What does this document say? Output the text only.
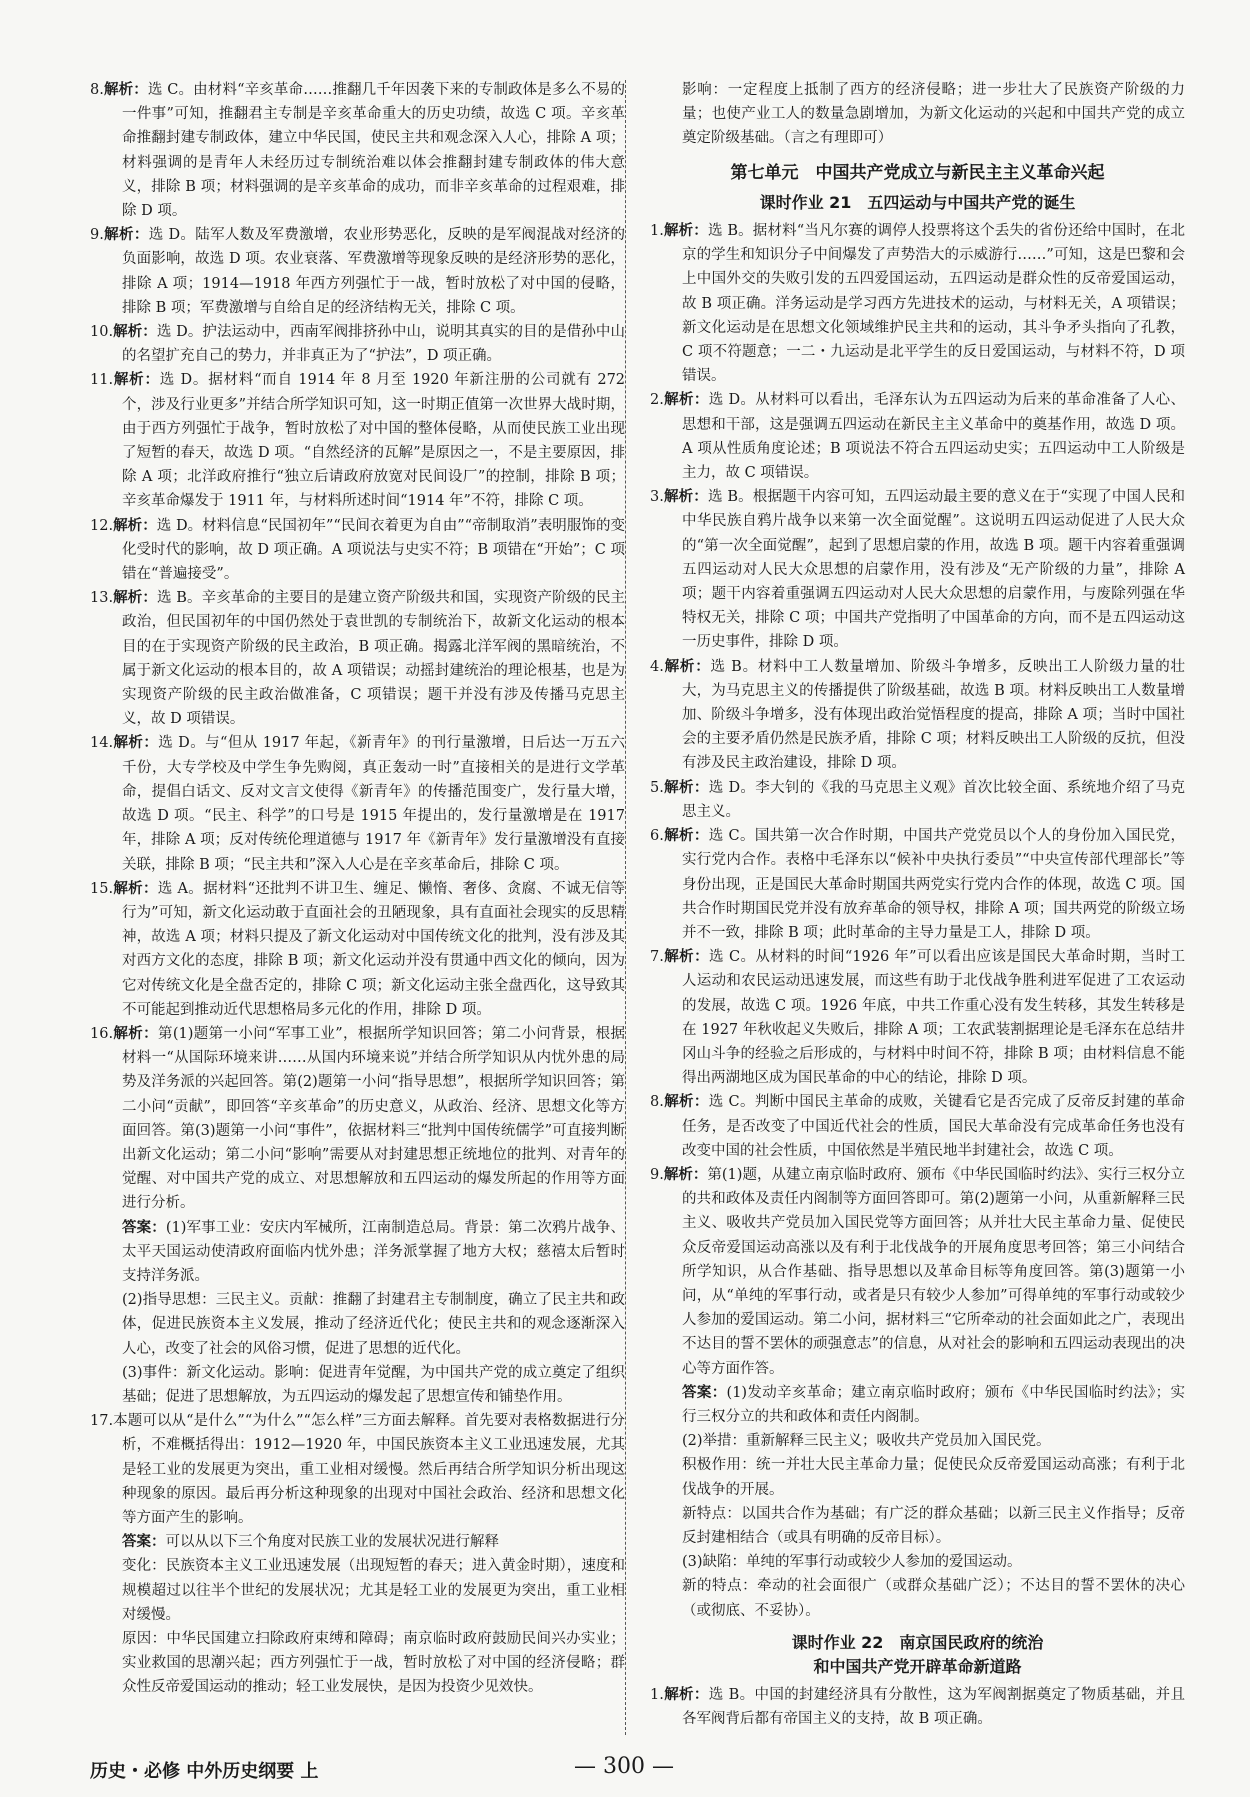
8.解析：选 C。由材料“辛亥革命……推翻几千年因袭下来的专制政体是多么不易的一件事”可知，推翻君主专制是辛亥革命重大的历史功绩，故选 C 项。辛亥革命推翻封建专制政体，建立中华民国，使民主共和观念深入人心，排除 A 项；材料强调的是青年人未经历过专制统治难以体会推翻封建专制政体的伟大意义，排除 B 项；材料强调的是辛亥革命的成功，而非辛亥革命的过程艰难，排除 D 项。

9.解析：选 D。陆军人数及军费激增，农业形势恶化，反映的是军阀混战对经济的负面影响，故选 D 项。农业衰落、军费激增等现象反映的是经济形势的恶化，排除 A 项；1914—1918 年西方列强忙于一战，暂时放松了对中国的侵略，排除 B 项；军费激增与自给自足的经济结构无关，排除 C 项。

10.解析：选 D。护法运动中，西南军阀排挤孙中山，说明其真实的目的是借孙中山的名望扩充自己的势力，并非真正为了“护法”，D 项正确。

11.解析：选 D。据材料“而自 1914 年 8 月至 1920 年新注册的公司就有 272 个，涉及行业更多”并结合所学知识可知，这一时期正值第一次世界大战时期，由于西方列强忙于战争，暂时放松了对中国的整体侵略，从而使民族工业出现了短暂的春天，故选 D 项。“自然经济的瓦解”是原因之一，不是主要原因，排除 A 项；北洋政府推行“独立后请政府放宽对民间设厂”的控制，排除 B 项；辛亥革命爆发于 1911 年，与材料所述时间“1914 年”不符，排除 C 项。

12.解析：选 D。材料信息“民国初年”“民间衣着更为自由”“帝制取消”表明服饰的变化受时代的影响，故 D 项正确。A 项说法与史实不符；B 项错在“开始”；C 项错在“普遍接受”。

13.解析：选 B。辛亥革命的主要目的是建立资产阶级共和国，实现资产阶级的民主政治，但民国初年的中国仍然处于袁世凯的专制统治下，故新文化运动的根本目的在于实现资产阶级的民主政治，B 项正确。揭露北洋军阀的黑暗统治，不属于新文化运动的根本目的，故 A 项错误；动摇封建统治的理论根基，也是为实现资产阶级的民主政治做准备，C 项错误；题干并没有涉及传播马克思主义，故 D 项错误。

14.解析：选 D。与“但从 1917 年起，《新青年》的刊行量激增，日后达一万五六千份，大专学校及中学生争先购阅，真正轰动一时”直接相关的是进行文学革命，提倡白话文、反对文言文使得《新青年》的传播范围变广，发行量大增，故选 D 项。“民主、科学”的口号是 1915 年提出的，发行量激增是在 1917 年，排除 A 项；反对传统伦理道德与 1917 年《新青年》发行量激增没有直接关联，排除 B 项；“民主共和”深入人心是在辛亥革命后，排除 C 项。

15.解析：选 A。据材料“还批判不讲卫生、缠足、懒惰、奢侈、贪腐、不诚无信等行为”可知，新文化运动敢于直面社会的丑陋现象，具有直面社会现实的反思精神，故选 A 项；材料只提及了新文化运动对中国传统文化的批判，没有涉及其对西方文化的态度，排除 B 项；新文化运动并没有贯通中西文化的倾向，因为它对传统文化是全盘否定的，排除 C 项；新文化运动主张全盘西化，这导致其不可能起到推动近代思想格局多元化的作用，排除 D 项。

16.解析：第(1)题第一小问“军事工业”，根据所学知识回答；第二小问背景，根据材料一“从国际环境来讲……从国内环境来说”并结合所学知识从内忧外患的局势及洋务派的兴起回答。第(2)题第一小问“指导思想”，根据所学知识回答；第二小问“贡献”，即回答“辛亥革命”的历史意义，从政治、经济、思想文化等方面回答。第(3)题第一小问“事件”，依据材料三“批判中国传统儒学”可直接判断出新文化运动；第二小问“影响”需要从对封建思想正统地位的批判、对青年的觉醒、对中国共产党的成立、对思想解放和五四运动的爆发所起的作用等方面进行分析。

答案：(1)军事工业：安庆内军械所，江南制造总局。背景：第二次鸦片战争、太平天国运动使清政府面临内忧外患；洋务派掌握了地方大权；慈禧太后暂时支持洋务派。

(2)指导思想：三民主义。贡献：推翻了封建君主专制制度，确立了民主共和政体，促进民族资本主义发展，推动了经济近代化；使民主共和的观念逐渐深入人心，改变了社会的风俗习惯，促进了思想的近代化。

(3)事件：新文化运动。影响：促进青年觉醒，为中国共产党的成立奠定了组织基础；促进了思想解放，为五四运动的爆发起了思想宣传和铺垫作用。

17.本题可以从“是什么”“为什么”“怎么样”三方面去解释。首先要对表格数据进行分析，不难概括得出：1912—1920 年，中国民族资本主义工业迅速发展，尤其是轻工业的发展更为突出，重工业相对缓慢。然后再结合所学知识分析出现这种现象的原因。最后再分析这种现象的出现对中国社会政治、经济和思想文化等方面产生的影响。

答案：可以从以下三个角度对民族工业的发展状况进行解释

变化：民族资本主义工业迅速发展（出现短暂的春天；进入黄金时期），速度和规模超过以往半个世纪的发展状况；尤其是轻工业的发展更为突出，重工业相对缓慢。

原因：中华民国建立扫除政府束缚和障碍；南京临时政府鼓励民间兴办实业；实业救国的思潮兴起；西方列强忙于一战，暂时放松了对中国的经济侵略；群众性反帝爱国运动的推动；轻工业发展快，是因为投资少见效快。

影响：一定程度上抵制了西方的经济侵略；进一步壮大了民族资产阶级的力量；也使产业工人的数量急剧增加，为新文化运动的兴起和中国共产党的成立奠定阶级基础。（言之有理即可）

第七单元　中国共产党成立与新民主主义革命兴起
课时作业 21　五四运动与中国共产党的诞生

1.解析：选 B。据材料“当凡尔赛的调停人投票将这个丢失的省份还给中国时，在北京的学生和知识分子中间爆发了声势浩大的示威游行……”可知，这是巴黎和会上中国外交的失败引发的五四爱国运动，五四运动是群众性的反帝爱国运动，故 B 项正确。洋务运动是学习西方先进技术的运动，与材料无关，A 项错误；新文化运动是在思想文化领域维护民主共和的运动，其斗争矛头指向了孔教，C 项不符题意；一二・九运动是北平学生的反日爱国运动，与材料不符，D 项错误。

2.解析：选 D。从材料可以看出，毛泽东认为五四运动为后来的革命准备了人心、思想和干部，这是强调五四运动在新民主主义革命中的奠基作用，故选 D 项。A 项从性质角度论述；B 项说法不符合五四运动史实；五四运动中工人阶级是主力，故 C 项错误。

3.解析：选 B。根据题干内容可知，五四运动最主要的意义在于“实现了中国人民和中华民族自鸦片战争以来第一次全面觉醒”。这说明五四运动促进了人民大众的“第一次全面觉醒”，起到了思想启蒙的作用，故选 B 项。题干内容着重强调五四运动对人民大众思想的启蒙作用，没有涉及“无产阶级的力量”，排除 A 项；题干内容着重强调五四运动对人民大众思想的启蒙作用，与废除列强在华特权无关，排除 C 项；中国共产党指明了中国革命的方向，而不是五四运动这一历史事件，排除 D 项。

4.解析：选 B。材料中工人数量增加、阶级斗争增多，反映出工人阶级力量的壮大，为马克思主义的传播提供了阶级基础，故选 B 项。材料反映出工人数量增加、阶级斗争增多，没有体现出政治觉悟程度的提高，排除 A 项；当时中国社会的主要矛盾仍然是民族矛盾，排除 C 项；材料反映出工人阶级的反抗，但没有涉及民主政治建设，排除 D 项。

5.解析：选 D。李大钊的《我的马克思主义观》首次比较全面、系统地介绍了马克思主义。

6.解析：选 C。国共第一次合作时期，中国共产党党员以个人的身份加入国民党，实行党内合作。表格中毛泽东以“候补中央执行委员”“中央宣传部代理部长”等身份出现，正是国民大革命时期国共两党实行党内合作的体现，故选 C 项。国共合作时期国民党并没有放弃革命的领导权，排除 A 项；国共两党的阶级立场并不一致，排除 B 项；此时革命的主导力量是工人，排除 D 项。

7.解析：选 C。从材料的时间“1926 年”可以看出应该是国民大革命时期，当时工人运动和农民运动迅速发展，而这些有助于北伐战争胜利进军促进了工农运动的发展，故选 C 项。1926 年底，中共工作重心没有发生转移，其发生转移是在 1927 年秋收起义失败后，排除 A 项；工农武装割据理论是毛泽东在总结井冈山斗争的经验之后形成的，与材料中时间不符，排除 B 项；由材料信息不能得出两湖地区成为国民革命的中心的结论，排除 D 项。

8.解析：选 C。判断中国民主革命的成败，关键看它是否完成了反帝反封建的革命任务，是否改变了中国近代社会的性质，国民大革命没有完成革命任务也没有改变中国的社会性质，中国依然是半殖民地半封建社会，故选 C 项。

9.解析：第(1)题，从建立南京临时政府、颁布《中华民国临时约法》、实行三权分立的共和政体及责任内阁制等方面回答即可。第(2)题第一小问，从重新解释三民主义、吸收共产党员加入国民党等方面回答；从并壮大民主革命力量、促使民众反帝爱国运动高涨以及有利于北伐战争的开展角度思考回答；第三小问结合所学知识，从合作基础、指导思想以及革命目标等角度回答。第(3)题第一小问，从“单纯的军事行动，或者是只有较少人参加”可得单纯的军事行动或较少人参加的爱国运动。第二小问，据材料三“它所牵动的社会面如此之广，表现出不达目的誓不罢休的顽强意志”的信息，从对社会的影响和五四运动表现出的决心等方面作答。

答案：(1)发动辛亥革命；建立南京临时政府；颁布《中华民国临时约法》；实行三权分立的共和政体和责任内阁制。

(2)举措：重新解释三民主义；吸收共产党员加入国民党。

积极作用：统一并壮大民主革命力量；促使民众反帝爱国运动高涨；有利于北伐战争的开展。

新特点：以国共合作为基础；有广泛的群众基础；以新三民主义作指导；反帝反封建相结合（或具有明确的反帝目标）。

(3)缺陷：单纯的军事行动或较少人参加的爱国运动。

新的特点：牵动的社会面很广（或群众基础广泛）；不达目的誓不罢休的决心（或彻底、不妥协）。

课时作业 22　南京国民政府的统治
和中国共产党开辟革命新道路

1.解析：选 B。中国的封建经济具有分散性，这为军阀割据奠定了物质基础，并且各军阀背后都有帝国主义的支持，故 B 项正确。

历史・必修 中外历史纲要 上	— 300 —
